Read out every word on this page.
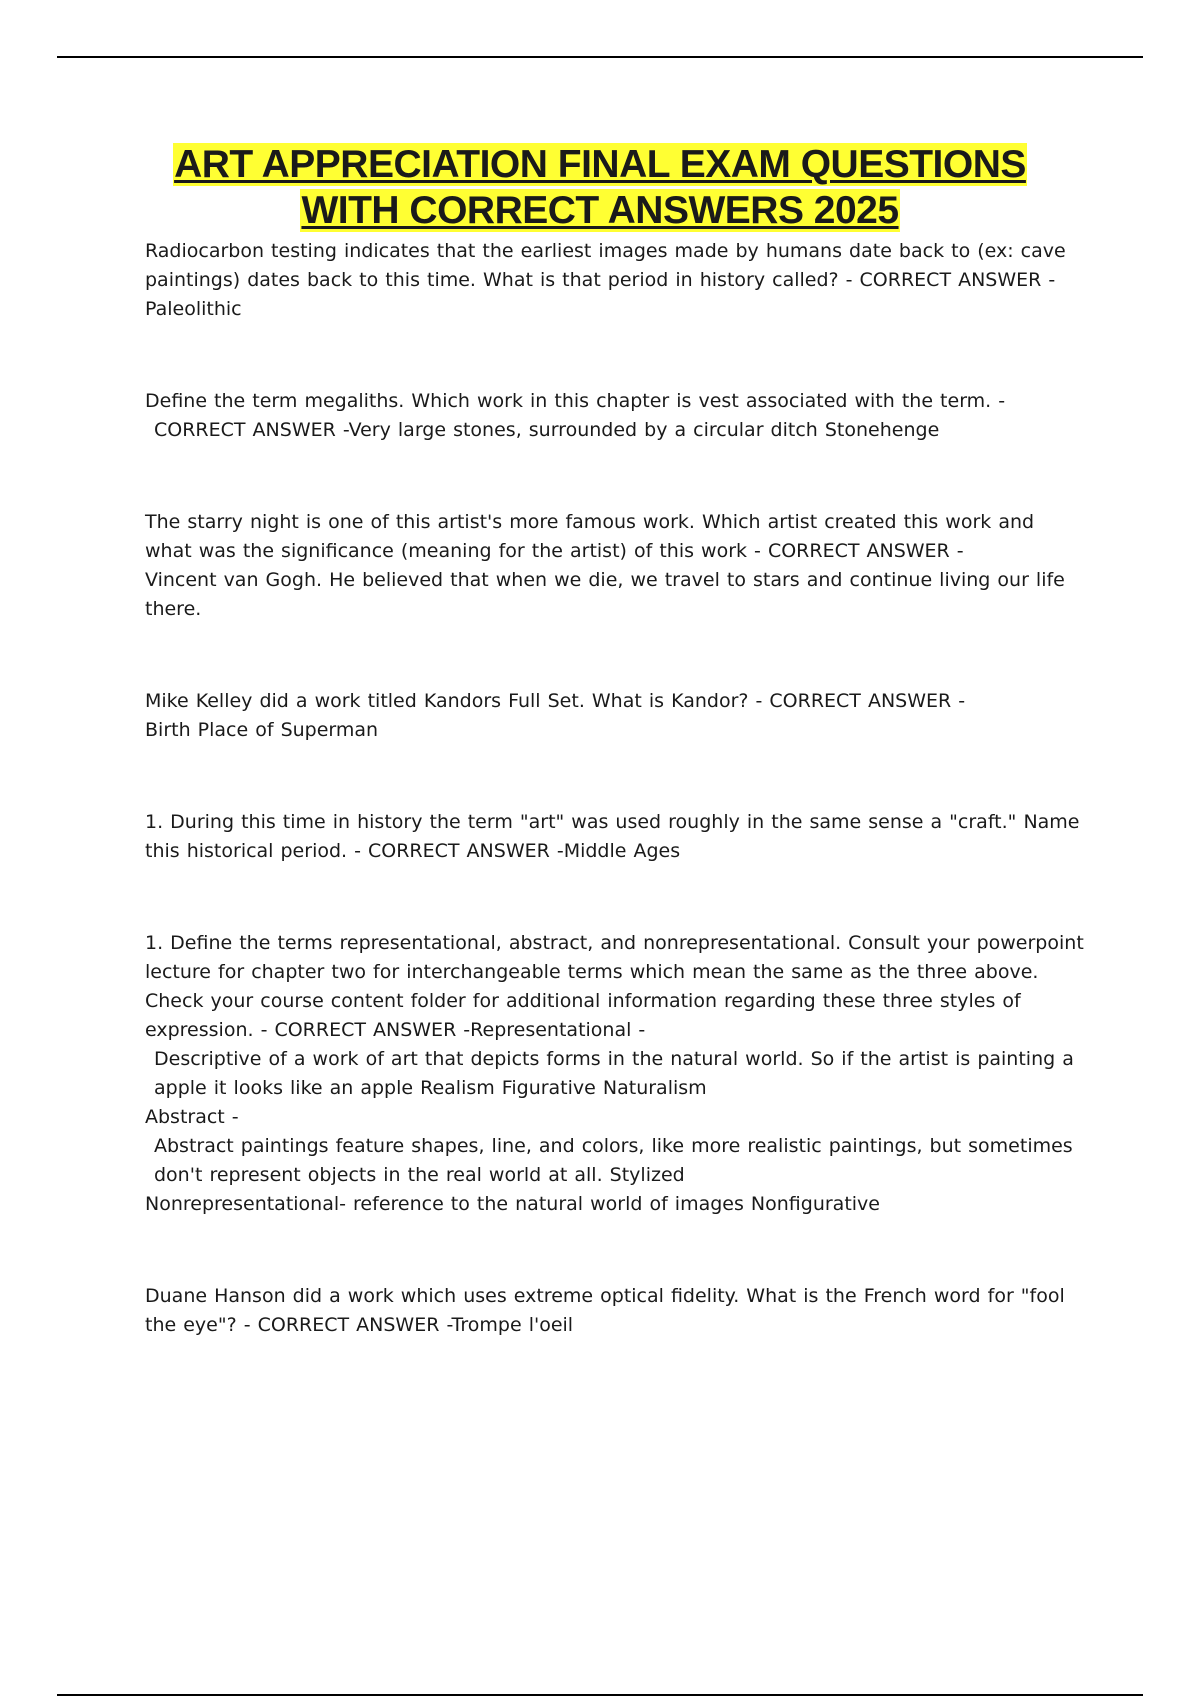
ART APPRECIATION FINAL EXAM QUESTIONS
WITH CORRECT ANSWERS 2025

Radiocarbon testing indicates that the earliest images made by humans date back to (ex: cave paintings) dates back to this time. What is that period in history called? - CORRECT ANSWER -

Paleolithic

Define the term megaliths. Which work in this chapter is vest associated with the term. -

CORRECT ANSWER -Very large stones, surrounded by a circular ditch Stonehenge

The starry night is one of this artist's more famous work. Which artist created this work and what was the significance (meaning for the artist) of this work - CORRECT ANSWER -

Vincent van Gogh. He believed that when we die, we travel to stars and continue living our life there.

Mike Kelley did a work titled Kandors Full Set. What is Kandor? - CORRECT ANSWER -

Birth Place of Superman

1. During this time in history the term "art" was used roughly in the same sense a "craft." Name this historical period. - CORRECT ANSWER -Middle Ages

1. Define the terms representational, abstract, and nonrepresentational. Consult your powerpoint lecture for chapter two for interchangeable terms which mean the same as the three above. Check your course content folder for additional information regarding these three styles of expression. - CORRECT ANSWER -Representational -

Descriptive of a work of art that depicts forms in the natural world. So if the artist is painting a apple it looks like an apple Realism Figurative Naturalism

Abstract -

Abstract paintings feature shapes, line, and colors, like more realistic paintings, but sometimes don't represent objects in the real world at all. Stylized

Nonrepresentational- reference to the natural world of images Nonfigurative

Duane Hanson did a work which uses extreme optical fidelity. What is the French word for "fool the eye"? - CORRECT ANSWER -Trompe l'oeil
